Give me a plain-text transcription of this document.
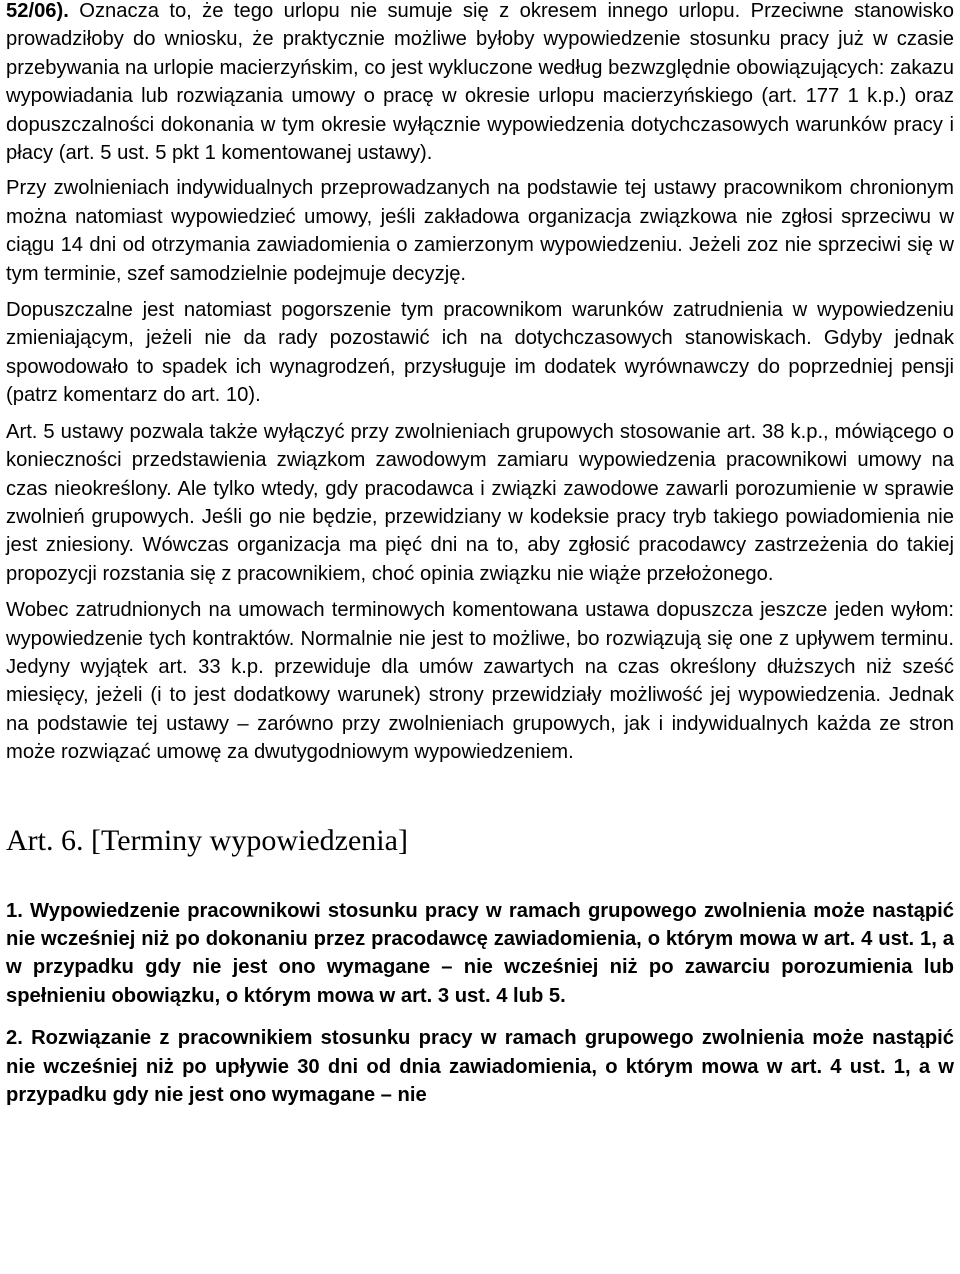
52/06). Oznacza to, że tego urlopu nie sumuje się z okresem innego urlopu. Przeciwne stanowisko prowadziłoby do wniosku, że praktycznie możliwe byłoby wypowiedzenie stosunku pracy już w czasie przebywania na urlopie macierzyńskim, co jest wykluczone według bezwzględnie obowiązujących: zakazu wypowiadania lub rozwiązania umowy o pracę w okresie urlopu macierzyńskiego (art. 177 1 k.p.) oraz dopuszczalności dokonania w tym okresie wyłącznie wypowiedzenia dotychczasowych warunków pracy i płacy (art. 5 ust. 5 pkt 1 komentowanej ustawy).

Przy zwolnieniach indywidualnych przeprowadzanych na podstawie tej ustawy pracownikom chronionym można natomiast wypowiedzieć umowy, jeśli zakładowa organizacja związkowa nie zgłosi sprzeciwu w ciągu 14 dni od otrzymania zawiadomienia o zamierzonym wypowiedzeniu. Jeżeli zoz nie sprzeciwi się w tym terminie, szef samodzielnie podejmuje decyzję.

Dopuszczalne jest natomiast pogorszenie tym pracownikom warunków zatrudnienia w wypowiedzeniu zmieniającym, jeżeli nie da rady pozostawić ich na dotychczasowych stanowiskach. Gdyby jednak spowodowało to spadek ich wynagrodzeń, przysługuje im dodatek wyrównawczy do poprzedniej pensji (patrz komentarz do art. 10).

Art. 5 ustawy pozwala także wyłączyć przy zwolnieniach grupowych stosowanie art. 38 k.p., mówiącego o konieczności przedstawienia związkom zawodowym zamiaru wypowiedzenia pracownikowi umowy na czas nieokreślony. Ale tylko wtedy, gdy pracodawca i związki zawodowe zawarli porozumienie w sprawie zwolnień grupowych. Jeśli go nie będzie, przewidziany w kodeksie pracy tryb takiego powiadomienia nie jest zniesiony. Wówczas organizacja ma pięć dni na to, aby zgłosić pracodawcy zastrzeżenia do takiej propozycji rozstania się z pracownikiem, choć opinia związku nie wiąże przełożonego.

Wobec zatrudnionych na umowach terminowych komentowana ustawa dopuszcza jeszcze jeden wyłom: wypowiedzenie tych kontraktów. Normalnie nie jest to możliwe, bo rozwiązują się one z upływem terminu. Jedyny wyjątek art. 33 k.p. przewiduje dla umów zawartych na czas określony dłuższych niż sześć miesięcy, jeżeli (i to jest dodatkowy warunek) strony przewidziały możliwość jej wypowiedzenia. Jednak na podstawie tej ustawy – zarówno przy zwolnieniach grupowych, jak i indywidualnych każda ze stron może rozwiązać umowę za dwutygodniowym wypowiedzeniem.

Art. 6. [Terminy wypowiedzenia]

1. Wypowiedzenie pracownikowi stosunku pracy w ramach grupowego zwolnienia może nastąpić nie wcześniej niż po dokonaniu przez pracodawcę zawiadomienia, o którym mowa w art. 4 ust. 1, a w przypadku gdy nie jest ono wymagane – nie wcześniej niż po zawarciu porozumienia lub spełnieniu obowiązku, o którym mowa w art. 3 ust. 4 lub 5.

2. Rozwiązanie z pracownikiem stosunku pracy w ramach grupowego zwolnienia może nastąpić nie wcześniej niż po upływie 30 dni od dnia zawiadomienia, o którym mowa w art. 4 ust. 1, a w przypadku gdy nie jest ono wymagane – nie
